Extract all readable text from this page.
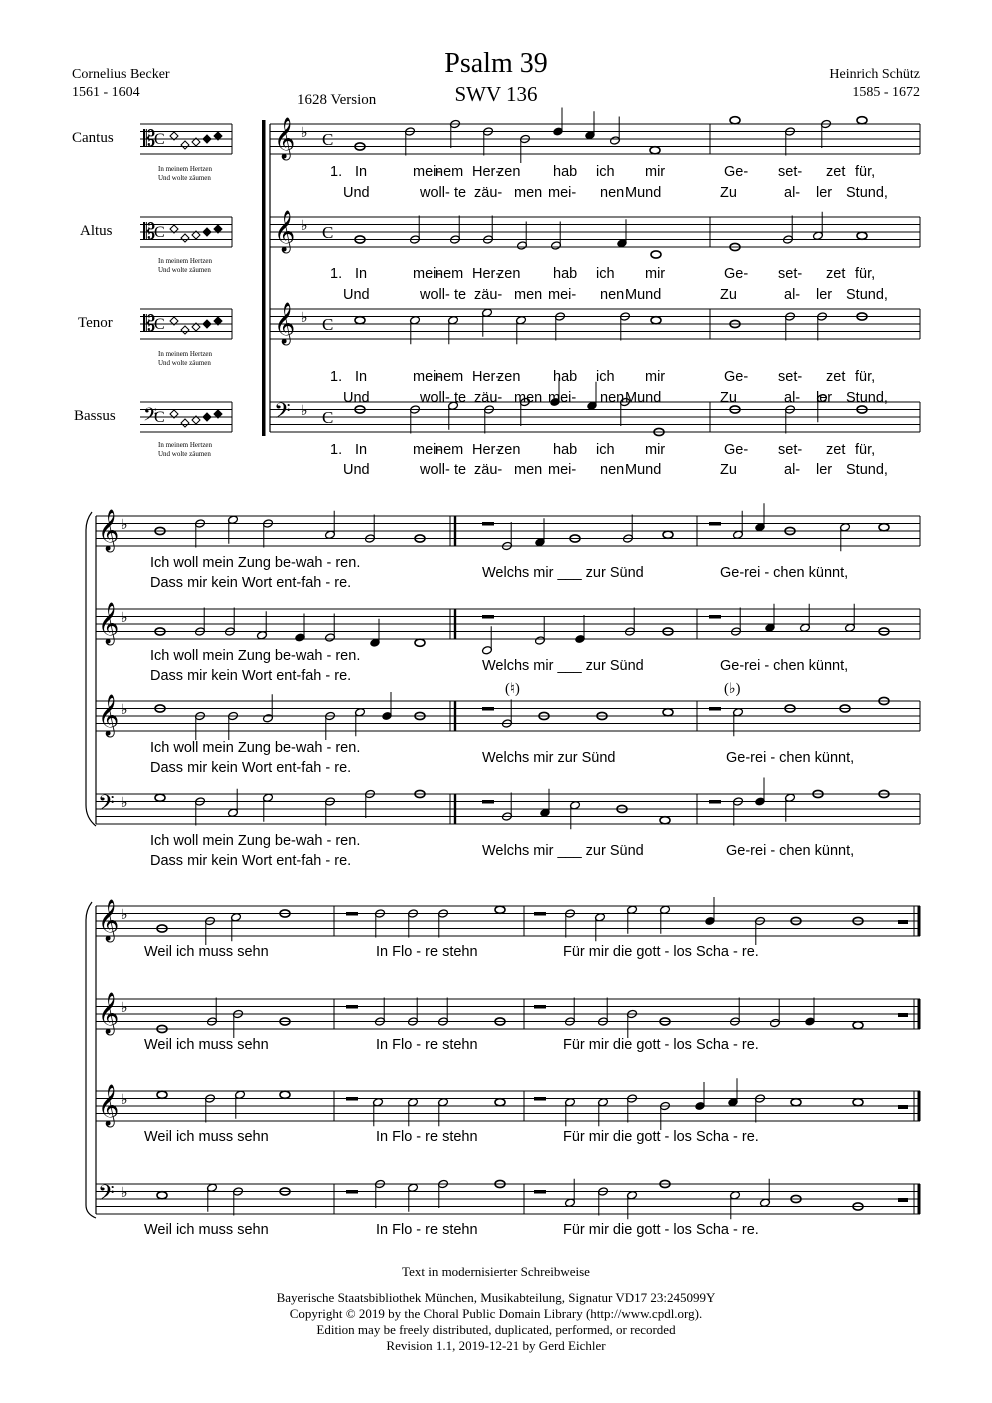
Psalm 39
SWV 136
Cornelius Becker
1561 - 1604
Heinrich Schütz
1585 - 1672
1628 Version
Cantus
Altus
Tenor
Bassus
In meinem Hertzen
Und wolte zäumen
In meinem Hertzen
Und wolte zäumen
In meinem Hertzen
Und wolte zäumen
In meinem Hertzen
Und wolte zäumen
𝄡
C
𝄡
C
𝄡
C
𝄢
C
𝄞 ♭ C
𝄞 ♭ C
𝄞 ♭ C
𝄢 ♭ C
𝄞 ♭
𝄞 ♭
𝄞 ♭
𝄢 ♭
𝄞 ♭
𝄞 ♭
𝄞 ♭
𝄢 ♭
1. In	mei-
nem Her-
zen hab ich mir	Ge- set- zet für,
Und	woll- te zäu- men mei- nen Mund	Zu	al- ler Stund,
1. In	mei-
nem Her-
zen hab ich mir	Ge- set- zet für,
Und	woll- te zäu- men mei- nen Mund	Zu	al- ler Stund,
1. In	mei-
nem Her-
zen hab ich mir	Ge- set- zet für,
Und	woll- te zäu- men mei- nen Mund	Zu	al- ler Stund,
1. In	mei-
nem Her-
zen hab ich mir	Ge- set- zet für,
Und	woll- te zäu- men mei- nen Mund	Zu	al- ler Stund,
Ich woll mein Zung be-wah - ren.
Dass mir kein Wort ent-fah - re.
Welchs mir ___ zur Sünd	Ge-rei - chen künnt,
Ich woll mein Zung be-wah - ren.
Dass mir kein Wort ent-fah - re.
Welchs mir ___ zur Sünd	Ge-rei - chen künnt,
Ich woll mein Zung be-wah - ren.
Dass mir kein Wort ent-fah - re.
Welchs mir zur Sünd	Ge-rei - chen künnt,
Ich woll mein Zung be-wah - ren.
Dass mir kein Wort ent-fah - re.
Welchs mir ___ zur Sünd	Ge-rei - chen künnt,
(♮)	(♭)
Weil ich muss sehn	In Flo - re stehn	Für mir die gott - los Scha - re.
Weil ich muss sehn	In Flo - re stehn	Für mir die gott - los Scha - re.
Weil ich muss sehn	In Flo - re stehn	Für mir die gott - los Scha - re.
Weil ich muss sehn	In Flo - re stehn	Für mir die gott - los Scha - re.
Text in modernisierter Schreibweise
Bayerische Staatsbibliothek München, Musikabteilung, Signatur VD17 23:245099Y
Copyright © 2019 by the Choral Public Domain Library (http://www.cpdl.org).
Edition may be freely distributed, duplicated, performed, or recorded
Revision 1.1, 2019-12-21 by Gerd Eichler
